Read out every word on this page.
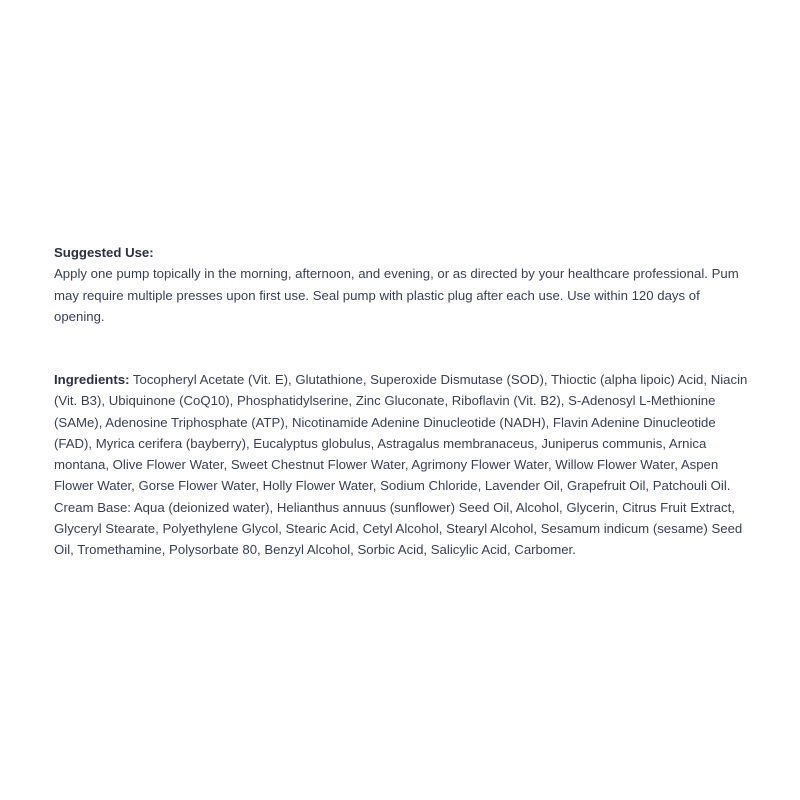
Suggested Use:
Apply one pump topically in the morning, afternoon, and evening, or as directed by your healthcare professional. Pum
may require multiple presses upon first use. Seal pump with plastic plug after each use. Use within 120 days of
opening.
Ingredients: Tocopheryl Acetate (Vit. E), Glutathione, Superoxide Dismutase (SOD), Thioctic (alpha lipoic) Acid, Niacin
(Vit. B3), Ubiquinone (CoQ10), Phosphatidylserine, Zinc Gluconate, Riboflavin (Vit. B2), S-Adenosyl L-Methionine
(SAMe), Adenosine Triphosphate (ATP), Nicotinamide Adenine Dinucleotide (NADH), Flavin Adenine Dinucleotide
(FAD), Myrica cerifera (bayberry), Eucalyptus globulus, Astragalus membranaceus, Juniperus communis, Arnica
montana, Olive Flower Water, Sweet Chestnut Flower Water, Agrimony Flower Water, Willow Flower Water, Aspen
Flower Water, Gorse Flower Water, Holly Flower Water, Sodium Chloride, Lavender Oil, Grapefruit Oil, Patchouli Oil.
Cream Base: Aqua (deionized water), Helianthus annuus (sunflower) Seed Oil, Alcohol, Glycerin, Citrus Fruit Extract,
Glyceryl Stearate, Polyethylene Glycol, Stearic Acid, Cetyl Alcohol, Stearyl Alcohol, Sesamum indicum (sesame) Seed
Oil, Tromethamine, Polysorbate 80, Benzyl Alcohol, Sorbic Acid, Salicylic Acid, Carbomer.
